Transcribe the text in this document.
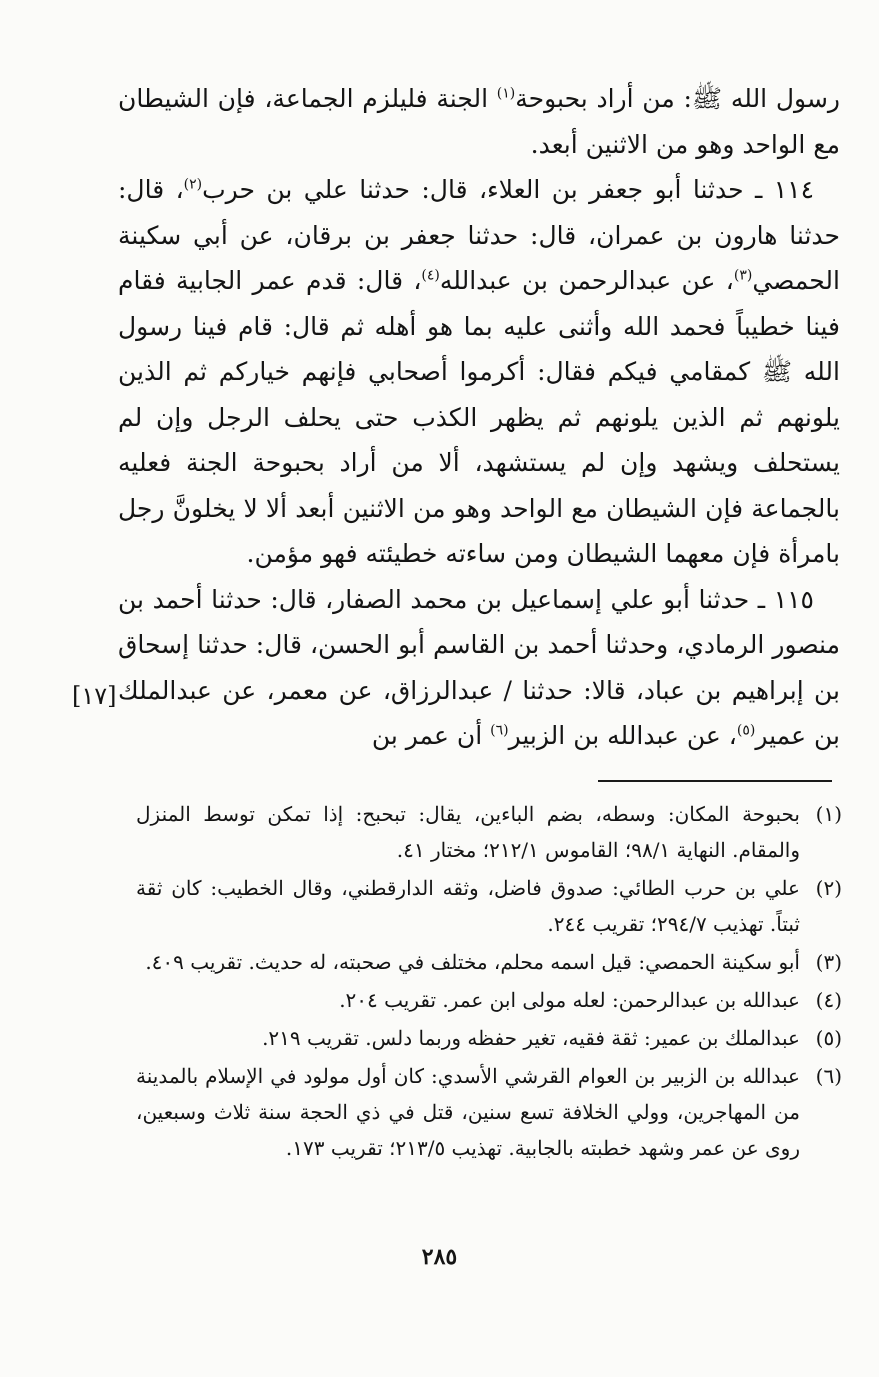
رسول الله ﷺ: من أراد بحبوحة$^{(١)}$ الجنة فليلزم الجماعة، فإن الشيطان مع الواحد وهو من الاثنين أبعد.

١١٤ ـ حدثنا أبو جعفر بن العلاء، قال: حدثنا علي بن حرب$^{(٢)}$، قال: حدثنا هارون بن عمران، قال: حدثنا جعفر بن برقان، عن أبي سكينة الحمصي$^{(٣)}$، عن عبدالرحمن بن عبدالله$^{(٤)}$، قال: قدم عمر الجابية فقام فينا خطيباً فحمد الله وأثنى عليه بما هو أهله ثم قال: قام فينا رسول الله ﷺ كمقامي فيكم فقال: أكرموا أصحابي فإنهم خياركم ثم الذين يلونهم ثم الذين يلونهم ثم يظهر الكذب حتى يحلف الرجل وإن لم يستحلف ويشهد وإن لم يستشهد، ألا من أراد بحبوحة الجنة فعليه بالجماعة فإن الشيطان مع الواحد وهو من الاثنين أبعد ألا لا يخلونَّ رجل بامرأة فإن معهما الشيطان ومن ساءته خطيئته فهو مؤمن.

١١٥ ـ حدثنا أبو علي إسماعيل بن محمد الصفار، قال: حدثنا أحمد بن منصور الرمادي، وحدثنا أحمد بن القاسم أبو الحسن، قال: حدثنا إسحاق بن إبراهيم بن عباد، قالا: حدثنا / عبدالرزاق، عن معمر، عن عبدالملك بن عمير$^{(٥)}$، عن عبدالله بن الزبير$^{(٦)}$ أن عمر بن

[١٧]
(١)
بحبوحة المكان: وسطه، بضم الباءين، يقال: تبحبح: إذا تمكن توسط المنزل والمقام. النهاية ٩٨/١؛ القاموس ٢١٢/١؛ مختار ٤١.
(٢)
علي بن حرب الطائي: صدوق فاضل، وثقه الدارقطني، وقال الخطيب: كان ثقة ثبتاً. تهذيب ٢٩٤/٧؛ تقريب ٢٤٤.
(٣)
أبو سكينة الحمصي: قيل اسمه محلم، مختلف في صحبته، له حديث. تقريب ٤٠٩.
(٤)
عبدالله بن عبدالرحمن: لعله مولى ابن عمر. تقريب ٢٠٤.
(٥)
عبدالملك بن عمير: ثقة فقيه، تغير حفظه وربما دلس. تقريب ٢١٩.
(٦)
عبدالله بن الزبير بن العوام القرشي الأسدي: كان أول مولود في الإسلام بالمدينة من المهاجرين، وولي الخلافة تسع سنين، قتل في ذي الحجة سنة ثلاث وسبعين، روى عن عمر وشهد خطبته بالجابية. تهذيب ٢١٣/٥؛ تقريب ١٧٣.
٢٨٥
